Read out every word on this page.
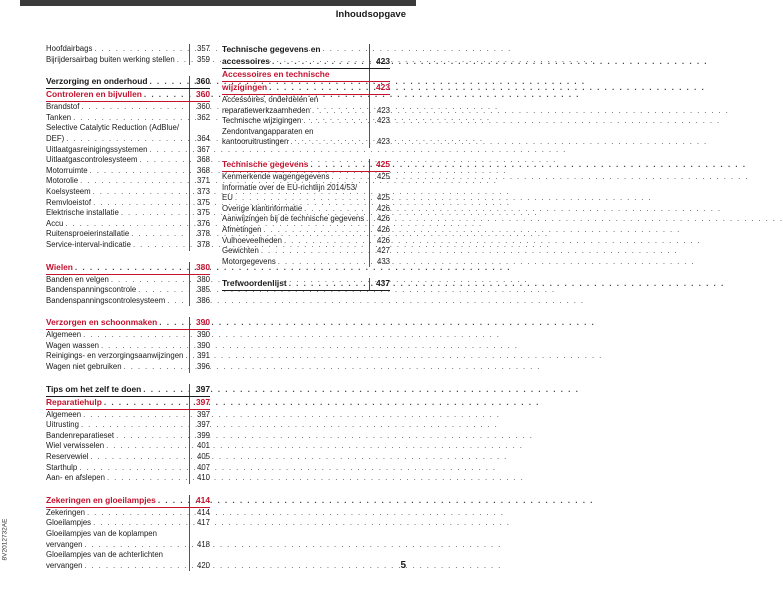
Inhoudsopgave
Hoofdairbags . . .	357
Bijrijdersairbag buiten werking stellen . . .	359
Verzorging en onderhoud . . .	360
Controleren en bijvullen . . .	360
Brandstof . . .	360
Tanken . . .	362
Selective Catalytic Reduction (AdBlue/
DEF) . . .	364
Uitlaatgasreinigingssystemen . . .	367
Uitlaatgascontrolesysteem . . .	368
Motorruimte . . .	368
Motorolie . . .	371
Koelsysteem . . .	373
Remvloeistof . . .	375
Elektrische installatie . . .	375
Accu . . .	376
Ruitensproeierinstallatie . . .	378
Service-interval-indicatie . . .	378
Wielen . . .	380
Banden en velgen . . .	380
Bandenspanningscontrole . . .	385
Bandenspanningscontrolesysteem . . .	386
Verzorgen en schoonmaken . . .	390
Algemeen . . .	390
Wagen wassen . . .	390
Reinigings- en verzorgingsaanwijzingen . . .	391
Wagen niet gebruiken . . .	396
Tips om het zelf te doen . . .	397
Reparatiehulp . . .	397
Algemeen . . .	397
Uitrusting . . .	397
Bandenreparatieset . . .	399
Wiel verwisselen . . .	401
Reservewiel . . .	405
Starthulp . . .	407
Aan- en afslepen . . .	410
Zekeringen en gloeilampjes . . .	414
Zekeringen . . .	414
Gloeilampjes . . .	417
Gloeilampjes van de koplampen
vervangen . . .	418
Gloeilampjes van de achterlichten
vervangen . . .	420
Technische gegevens en
accessoires . . .	423
Accessoires en technische
wijzigingen . . .	423
Accessoires, onderdelen en
reparatiewerkzaamheden . . .	423
Technische wijzigingen . . .	423
Zendontvangapparaten en
kantooruitrustingen . . .	423
Technische gegevens . . .	425
Kenmerkende wagengegevens . . .	425
Informatie over de EU-richtlijn 2014/53/
EU . . .	425
Overige klantinformatie . . .	426
Aanwijzingen bij de technische gegevens . . .	426
Afmetingen . . .	426
Vulhoeveelheden . . .	426
Gewichten . . .	427
Motorgegevens . . .	433
Trefwoordenlijst . . .	437
8V2012732AE
5
